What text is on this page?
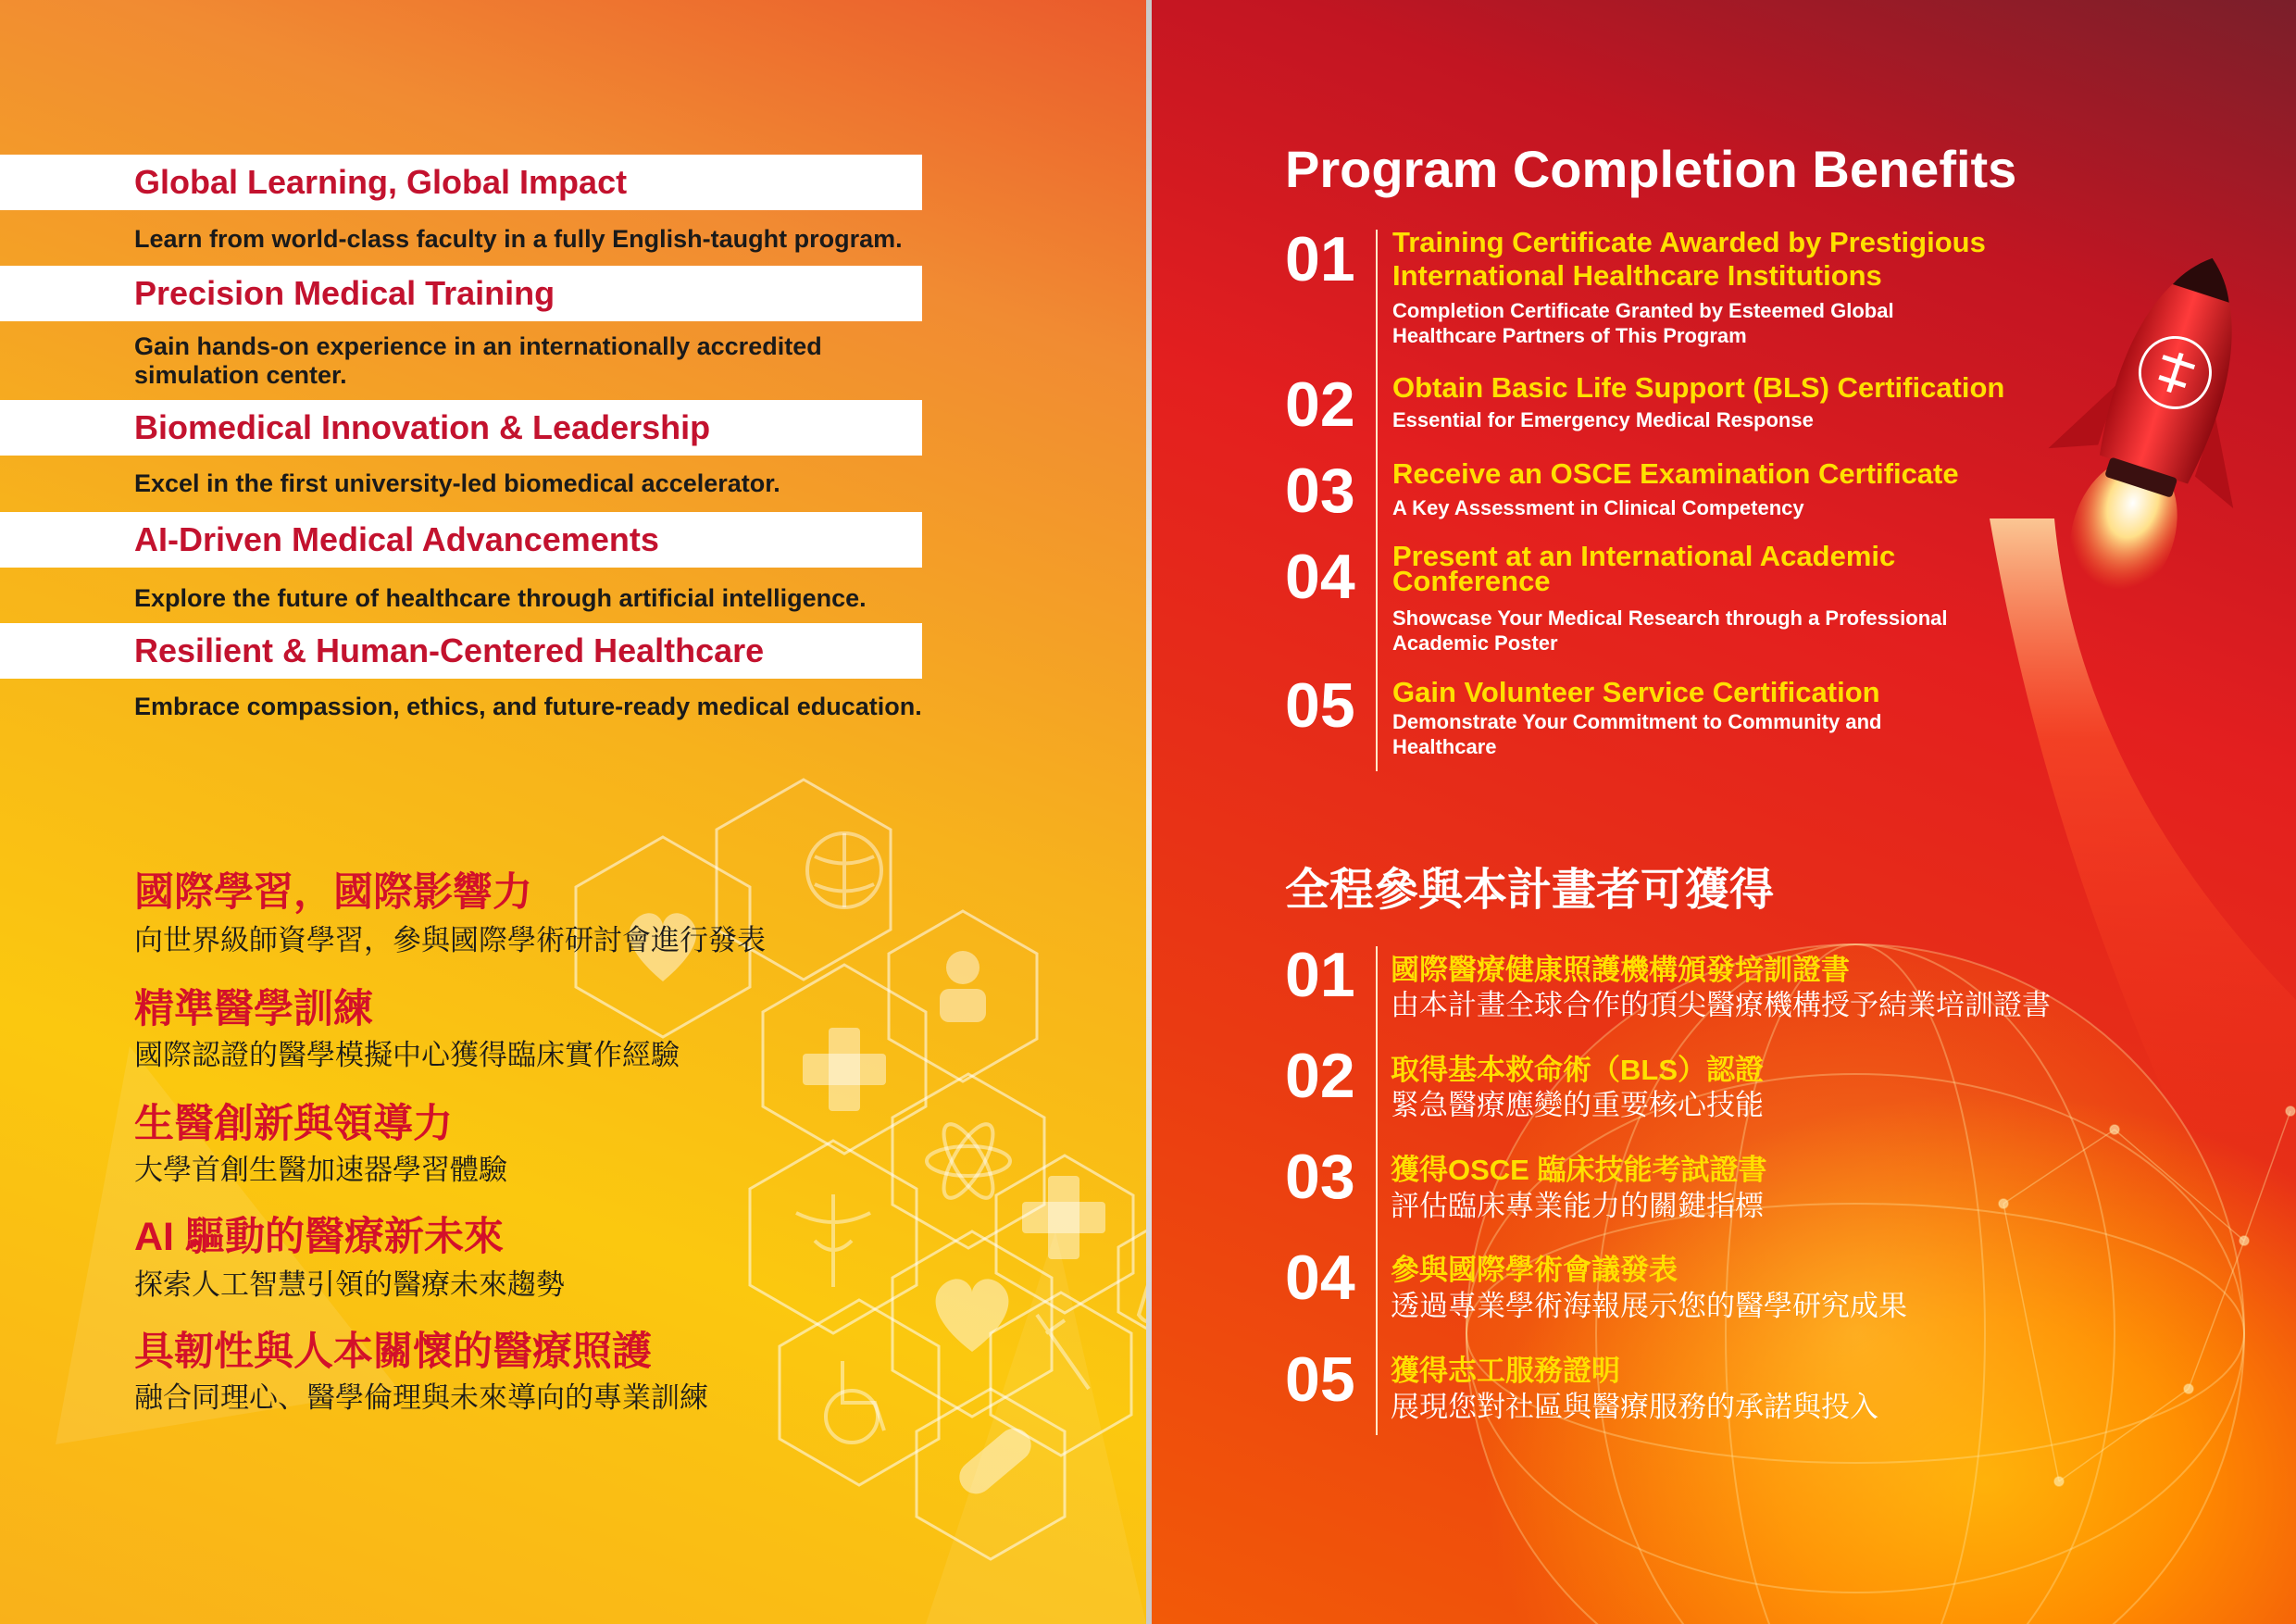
Global Learning, Global Impact
Learn from world-class faculty in a fully English-taught program.
Precision Medical Training
Gain hands-on experience in an internationally accredited simulation center.
Biomedical Innovation & Leadership
Excel in the first university-led biomedical accelerator.
AI-Driven Medical Advancements
Explore the future of healthcare through artificial intelligence.
Resilient & Human-Centered Healthcare
Embrace compassion, ethics, and future-ready medical education.
國際學習，國際影響力
向世界級師資學習，參與國際學術研討會進行發表
精準醫學訓練
國際認證的醫學模擬中心獲得臨床實作經驗
生醫創新與領導力
大學首創生醫加速器學習體驗
AI 驅動的醫療新未來
探索人工智慧引領的醫療未來趨勢
具韌性與人本關懷的醫療照護
融合同理心、醫學倫理與未來導向的專業訓練
Program Completion Benefits
01	Training Certificate Awarded by Prestigious International Healthcare Institutions
Completion Certificate Granted by Esteemed Global Healthcare Partners of This Program
02	Obtain Basic Life Support (BLS) Certification
Essential for Emergency Medical Response
03	Receive an OSCE Examination Certificate
A Key Assessment in Clinical Competency
04	Present at an International Academic Conference
Showcase Your Medical Research through a Professional Academic Poster
05	Gain Volunteer Service Certification
Demonstrate Your Commitment to Community and Healthcare
全程參與本計畫者可獲得
01	國際醫療健康照護機構頒發培訓證書
由本計畫全球合作的頂尖醫療機構授予結業培訓證書
02	取得基本救命術（BLS）認證
緊急醫療應變的重要核心技能
03	獲得OSCE 臨床技能考試證書
評估臨床專業能力的關鍵指標
04	參與國際學術會議發表
透過專業學術海報展示您的醫學研究成果
05	獲得志工服務證明
展現您對社區與醫療服務的承諾與投入
